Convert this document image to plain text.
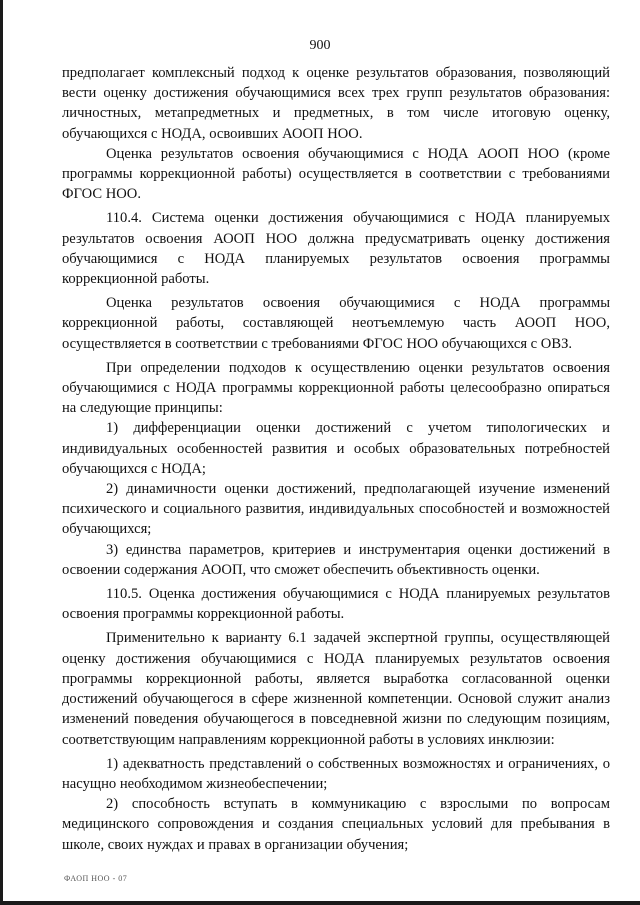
900

предполагает комплексный подход к оценке результатов образования, позволяющий вести оценку достижения обучающимися всех трех групп результатов образования: личностных, метапредметных и предметных, в том числе итоговую оценку, обучающихся с НОДА, освоивших АООП НОО.

Оценка результатов освоения обучающимися с НОДА АООП НОО (кроме программы коррекционной работы) осуществляется в соответствии с требованиями ФГОС НОО.

110.4. Система оценки достижения обучающимися с НОДА планируемых результатов освоения АООП НОО должна предусматривать оценку достижения обучающимися с НОДА планируемых результатов освоения программы коррекционной работы.

Оценка результатов освоения обучающимися с НОДА программы коррекционной работы, составляющей неотъемлемую часть АООП НОО, осуществляется в соответствии с требованиями ФГОС НОО обучающихся с ОВЗ.

При определении подходов к осуществлению оценки результатов освоения обучающимися с НОДА программы коррекционной работы целесообразно опираться на следующие принципы:

1) дифференциации оценки достижений с учетом типологических и индивидуальных особенностей развития и особых образовательных потребностей обучающихся с НОДА;

2) динамичности оценки достижений, предполагающей изучение изменений психического и социального развития, индивидуальных способностей и возможностей обучающихся;

3) единства параметров, критериев и инструментария оценки достижений в освоении содержания АООП, что сможет обеспечить объективность оценки.

110.5. Оценка достижения обучающимися с НОДА планируемых результатов освоения программы коррекционной работы.

Применительно к варианту 6.1 задачей экспертной группы, осуществляющей оценку достижения обучающимися с НОДА планируемых результатов освоения программы коррекционной работы, является выработка согласованной оценки достижений обучающегося в сфере жизненной компетенции. Основой служит анализ изменений поведения обучающегося в повседневной жизни по следующим позициям, соответствующим направлениям коррекционной работы в условиях инклюзии:

1) адекватность представлений о собственных возможностях и ограничениях, о насущно необходимом жизнеобеспечении;

2) способность вступать в коммуникацию с взрослыми по вопросам медицинского сопровождения и создания специальных условий для пребывания в школе, своих нуждах и правах в организации обучения;

ФАОП НОО - 07
